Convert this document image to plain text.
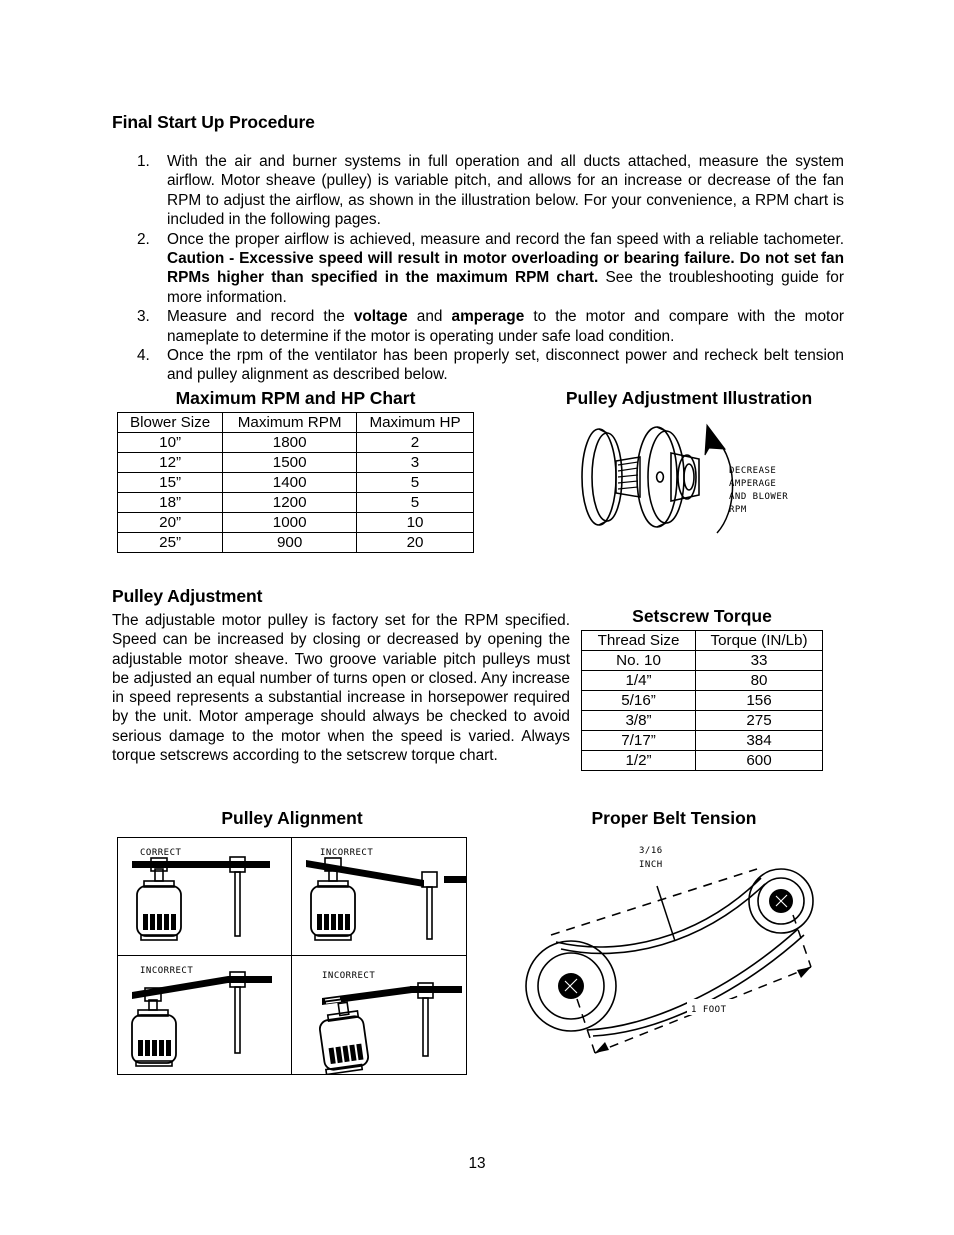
Final Start Up Procedure
1.	With the air and burner systems in full operation and all ducts attached, measure the system airflow. Motor sheave (pulley) is variable pitch, and allows for an increase or decrease of the fan RPM to adjust the airflow, as shown in the illustration below. For your convenience, a RPM chart is included in the following pages.
2.	Once the proper airflow is achieved, measure and record the fan speed with a reliable tachometer. Caution - Excessive speed will result in motor overloading or bearing failure. Do not set fan RPMs higher than specified in the maximum RPM chart. See the troubleshooting guide for more information.
3.	Measure and record the voltage and amperage to the motor and compare with the motor nameplate to determine if the motor is operating under safe load condition.
4.	Once the rpm of the ventilator has been properly set, disconnect power and recheck belt tension and pulley alignment as described below.
Maximum RPM and HP Chart
Blower Size	Maximum RPM	Maximum HP
10”	1800	2
12”	1500	3
15”	1400	5
18”	1200	5
20”	1000	10
25”	900	20
Pulley Adjustment Illustration
DECREASE
AMPERAGE
AND BLOWER
RPM
Pulley Adjustment
The adjustable motor pulley is factory set for the RPM specified. Speed can be increased by closing or decreased by opening the adjustable motor sheave. Two groove variable pitch pulleys must be adjusted an equal number of turns open or closed. Any increase in speed represents a substantial increase in horsepower required by the unit. Motor amperage should always be checked to avoid serious damage to the motor when the speed is varied. Always torque setscrews according to the setscrew torque chart.
Setscrew Torque
Thread Size	Torque (IN/Lb)
No. 10	33
1/4”	80
5/16”	156
3/8”	275
7/17”	384
1/2”	600
Pulley Alignment
CORRECT	INCORRECT
INCORRECT	INCORRECT
Proper Belt Tension
3/16
INCH
1 FOOT
13
